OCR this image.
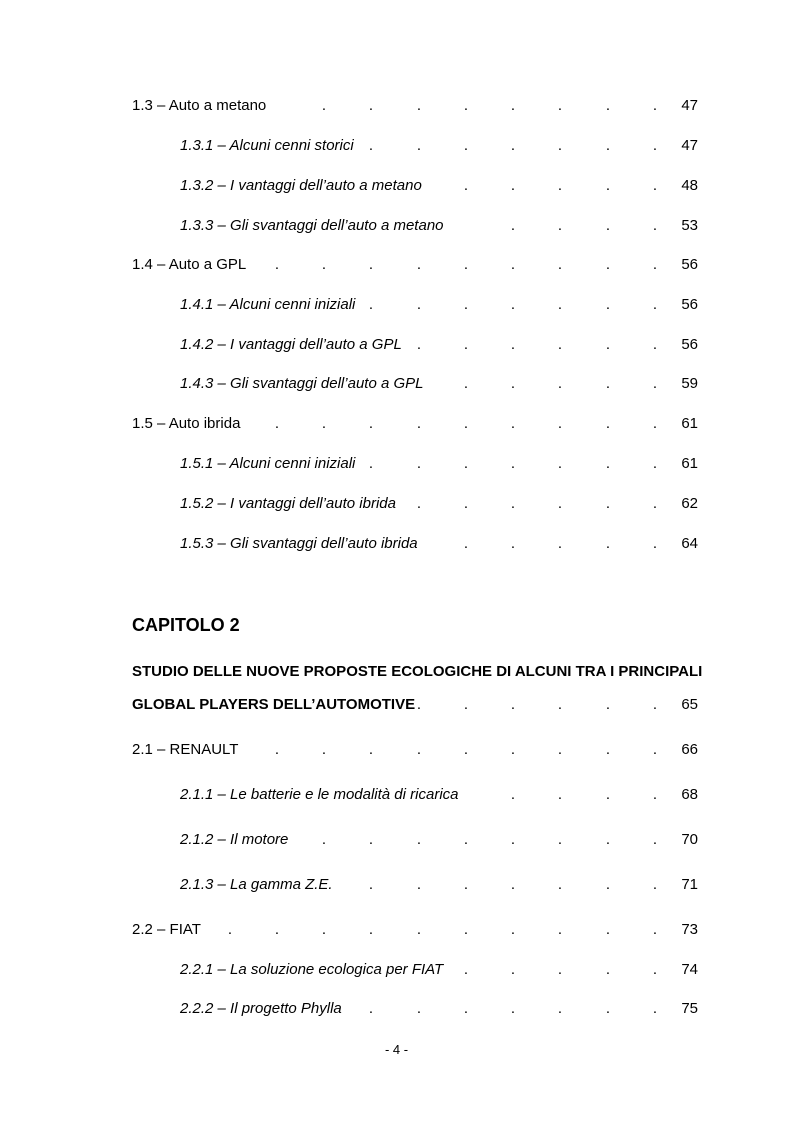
1.3 – Auto a metano	.	.	.	.	.	.	.	.	47
1.3.1 – Alcuni cenni storici .	.	.	.	.	.	.	47
1.3.2 – I vantaggi dell’auto a metano	.	.	.	.	.	48
1.3.3 – Gli svantaggi dell’auto a metano	.	.	.	.	53
1.4 – Auto a GPL .	.	.	.	.	.	.	.	.	56
1.4.1 – Alcuni cenni iniziali .	.	.	.	.	.	.	56
1.4.2 – I vantaggi dell’auto a GPL .	.	.	.	.	.	56
1.4.3 – Gli svantaggi dell’auto a GPL	.	.	.	.	.	59
1.5 – Auto ibrida .	.	.	.	.	.	.	.	.	61
1.5.1 – Alcuni cenni iniziali .	.	.	.	.	.	.	61
1.5.2 – I vantaggi dell’auto ibrida .	.	.	.	.	.	62
1.5.3 – Gli svantaggi dell’auto ibrida	.	.	.	.	.	64
CAPITOLO 2
STUDIO DELLE NUOVE PROPOSTE ECOLOGICHE DI ALCUNI TRA I PRINCIPALI
GLOBAL PLAYERS DELL’AUTOMOTIVE .	.	.	.	.	.	65
2.1 – RENAULT .	.	.	.	.	.	.	.	.	66
2.1.1 – Le batterie e le modalità di ricarica	.	.	.	.	68
2.1.2 – Il motore .	.	.	.	.	.	.	.	70
2.1.3 – La gamma Z.E. .	.	.	.	.	.	.	71
2.2 – FIAT .	.	.	.	.	.	.	.	.	.	73
2.2.1 – La soluzione ecologica per FIAT .	.	.	.	.	74
2.2.2 – Il progetto Phylla .	.	.	.	.	.	.	75
- 4 -
